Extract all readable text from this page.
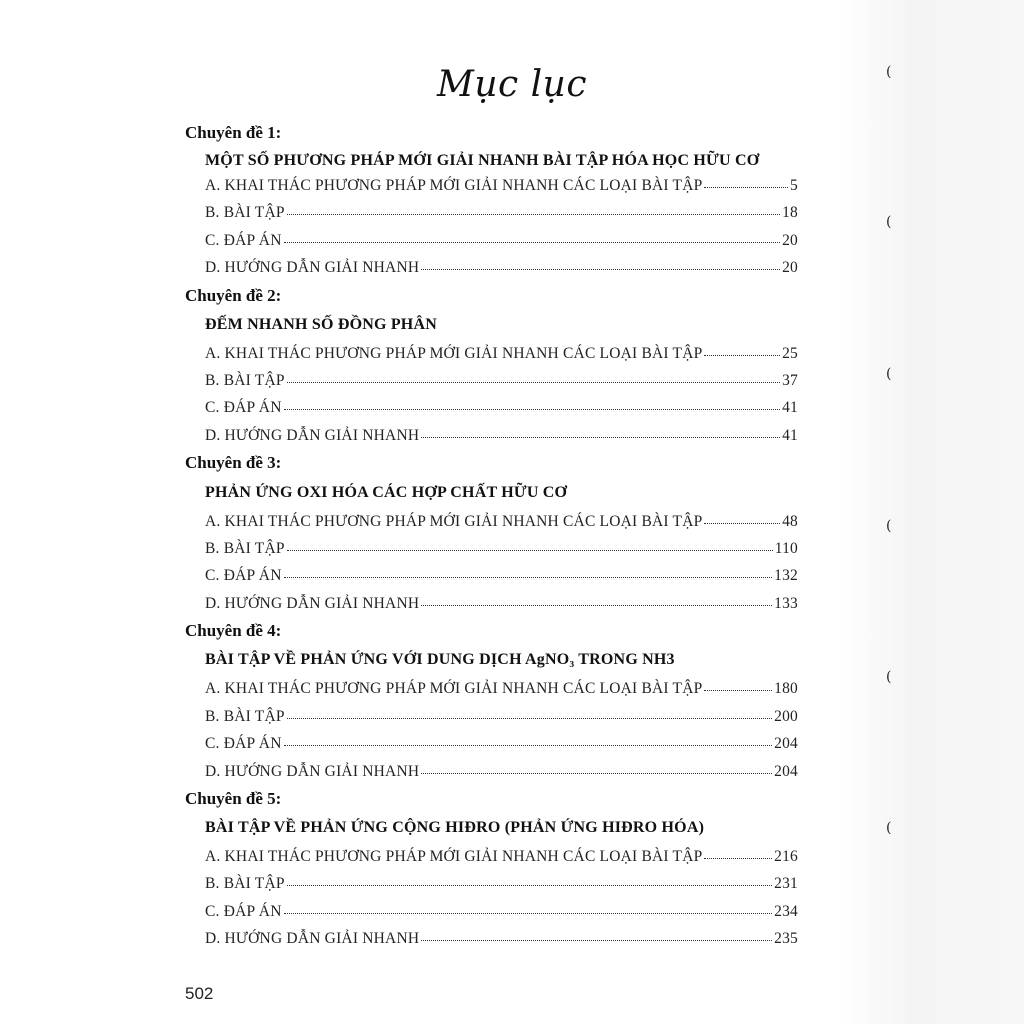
Mục lục
Chuyên đề 1:
MỘT SỐ PHƯƠNG PHÁP MỚI GIẢI NHANH BÀI TẬP HÓA HỌC HỮU CƠ
A. KHAI THÁC PHƯƠNG PHÁP MỚI GIẢI NHANH CÁC LOẠI BÀI TẬP	5
B. BÀI TẬP	18
C. ĐÁP ÁN	20
D. HƯỚNG DẪN GIẢI NHANH	20
Chuyên đề 2:
ĐẾM NHANH SỐ ĐỒNG PHÂN
A. KHAI THÁC PHƯƠNG PHÁP MỚI GIẢI NHANH CÁC LOẠI BÀI TẬP	25
B. BÀI TẬP	37
C. ĐÁP ÁN	41
D. HƯỚNG DẪN GIẢI NHANH	41
Chuyên đề 3:
PHẢN ỨNG OXI HÓA CÁC HỢP CHẤT HỮU CƠ
A. KHAI THÁC PHƯƠNG PHÁP MỚI GIẢI NHANH CÁC LOẠI BÀI TẬP	48
B. BÀI TẬP	110
C. ĐÁP ÁN	132
D. HƯỚNG DẪN GIẢI NHANH	133
Chuyên đề 4:
BÀI TẬP VỀ PHẢN ỨNG VỚI DUNG DỊCH AgNO₃ TRONG NH3
A. KHAI THÁC PHƯƠNG PHÁP MỚI GIẢI NHANH CÁC LOẠI BÀI TẬP	180
B. BÀI TẬP	200
C. ĐÁP ÁN	204
D. HƯỚNG DẪN GIẢI NHANH	204
Chuyên đề 5:
BÀI TẬP VỀ PHẢN ỨNG CỘNG HIĐRO (PHẢN ỨNG HIĐRO HÓA)
A. KHAI THÁC PHƯƠNG PHÁP MỚI GIẢI NHANH CÁC LOẠI BÀI TẬP	216
B. BÀI TẬP	231
C. ĐÁP ÁN	234
D. HƯỚNG DẪN GIẢI NHANH	235
502
(
(
(
(
(
(
